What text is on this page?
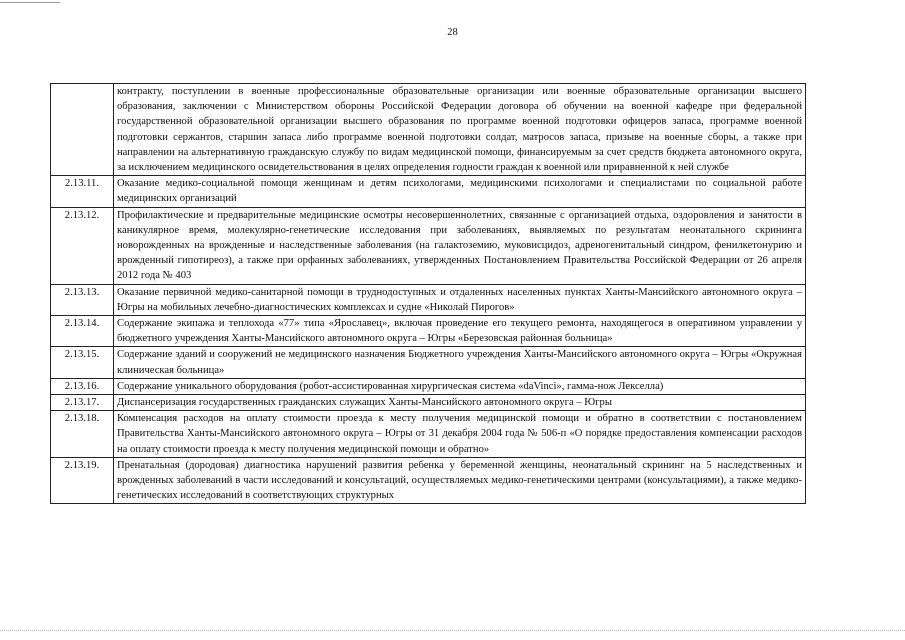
28
	контракту, поступлении в военные профессиональные образовательные организации или военные образовательные организации высшего образования, заключении с Министерством обороны Российской Федерации договора об обучении на военной кафедре при федеральной государственной образовательной организации высшего образования по программе военной подготовки офицеров запаса, программе военной подготовки сержантов, старшин запаса либо программе военной подготовки солдат, матросов запаса, призыве на военные сборы, а также при направлении на альтернативную гражданскую службу по видам медицинской помощи, финансируемым за счет средств бюджета автономного округа, за исключением медицинского освидетельствования в целях определения годности граждан к военной или приравненной к ней службе
2.13.11.	Оказание медико-социальной помощи женщинам и детям психологами, медицинскими психологами и специалистами по социальной работе медицинских организаций
2.13.12.	Профилактические и предварительные медицинские осмотры несовершеннолетних, связанные с организацией отдыха, оздоровления и занятости в каникулярное время, молекулярно-генетические исследования при заболеваниях, выявляемых по результатам неонатального скрининга новорожденных на врожденные и наследственные заболевания (на галактоземию, муковисцидоз, адреногенитальный синдром, фенилкетонурию и врожденный гипотиреоз), а также при орфанных заболеваниях, утвержденных Постановлением Правительства Российской Федерации от 26 апреля 2012 года № 403
2.13.13.	Оказание первичной медико-санитарной помощи в труднодоступных и отдаленных населенных пунктах Ханты-Мансийского автономного округа – Югры на мобильных лечебно-диагностических комплексах и судне «Николай Пирогов»
2.13.14.	Содержание экипажа и теплохода «77» типа «Ярославец», включая проведение его текущего ремонта, находящегося в оперативном управлении у бюджетного учреждения Ханты-Мансийского автономного округа – Югры «Березовская районная больница»
2.13.15.	Содержание зданий и сооружений не медицинского назначения Бюджетного учреждения Ханты-Мансийского автономного округа – Югры «Окружная клиническая больница»
2.13.16.	Содержание уникального оборудования (робот-ассистированная хирургическая система «daVinci», гамма-нож Лекселла)
2.13.17.	Диспансеризация государственных гражданских служащих Ханты-Мансийского автономного округа – Югры
2.13.18.	Компенсация расходов на оплату стоимости проезда к месту получения медицинской помощи и обратно в соответствии с постановлением Правительства Ханты-Мансийского автономного округа – Югры от 31 декабря 2004 года № 506-п «О порядке предоставления компенсации расходов на оплату стоимости проезда к месту получения медицинской помощи и обратно»
2.13.19.	Пренатальная (дородовая) диагностика нарушений развития ребенка у беременной женщины, неонатальный скрининг на 5 наследственных и врожденных заболеваний в части исследований и консультаций, осуществляемых медико-генетическими центрами (консультациями), а также медико-генетических исследований в соответствующих структурных
